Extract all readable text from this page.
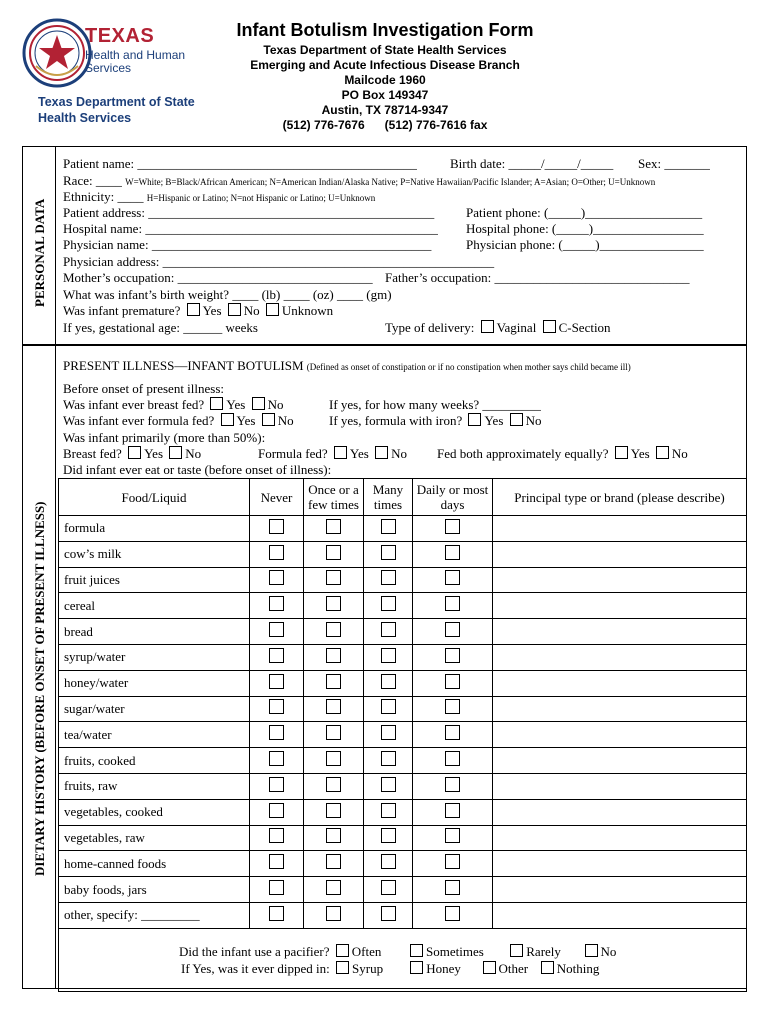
TEXAS
Health and Human
Services
Texas Department of State
Health Services
Infant Botulism Investigation Form
Texas Department of State Health Services
Emerging and Acute Infectious Disease Branch
Mailcode 1960
PO Box 149347
Austin, TX 78714-9347
(512) 776-7676      (512) 776-7616 fax
PERSONAL DATA
Patient name: ___________________________________________	Birth date: _____/_____/_____ Sex: _______
Race: ____ W=White; B=Black/African American; N=American Indian/Alaska Native; P=Native Hawaiian/Pacific Islander; A=Asian; O=Other; U=Unknown
Ethnicity: ____ H=Hispanic or Latino; N=not Hispanic or Latino; U=Unknown
Patient address: ____________________________________________ Patient phone: (_____)__________________
Hospital name: _____________________________________________ Hospital phone: (_____)_________________
Physician name: ___________________________________________	Physician phone: (_____)________________
Physician address: ___________________________________________________
Mother’s occupation: ______________________________ Father’s occupation: ______________________________
What was infant’s birth weight? ____ (lb) ____ (oz) ____ (gm)
Was infant premature? Yes No Unknown
If yes, gestational age: ______ weeks	Type of delivery: Vaginal C-Section
DIETARY HISTORY (BEFORE ONSET OF PRESENT ILLNESS)
PRESENT ILLNESS—INFANT BOTULISM (Defined as onset of constipation or if no constipation when mother says child became ill)
Before onset of present illness:
Was infant ever breast fed? Yes No	If yes, for how many weeks? _________
Was infant ever formula fed? Yes No	If yes, formula with iron? Yes No
Was infant primarily (more than 50%):
Breast fed? Yes No	Formula fed? Yes No Fed both approximately equally? Yes No
Did infant ever eat or taste (before onset of illness):
Food/Liquid	Never	Once or a few times	Many times	Daily or most days	Principal type or brand (please describe)
formula					
cow’s milk					
fruit juices					
cereal					
bread					
syrup/water					
honey/water					
sugar/water					
tea/water					
fruits, cooked					
fruits, raw					
vegetables, cooked					
vegetables, raw					
home-canned foods					
baby foods, jars					
other, specify: _________					

Did the infant use a pacifier? Often Sometimes Rarely No
If Yes, was it ever dipped in: Syrup Honey Other Nothing					
